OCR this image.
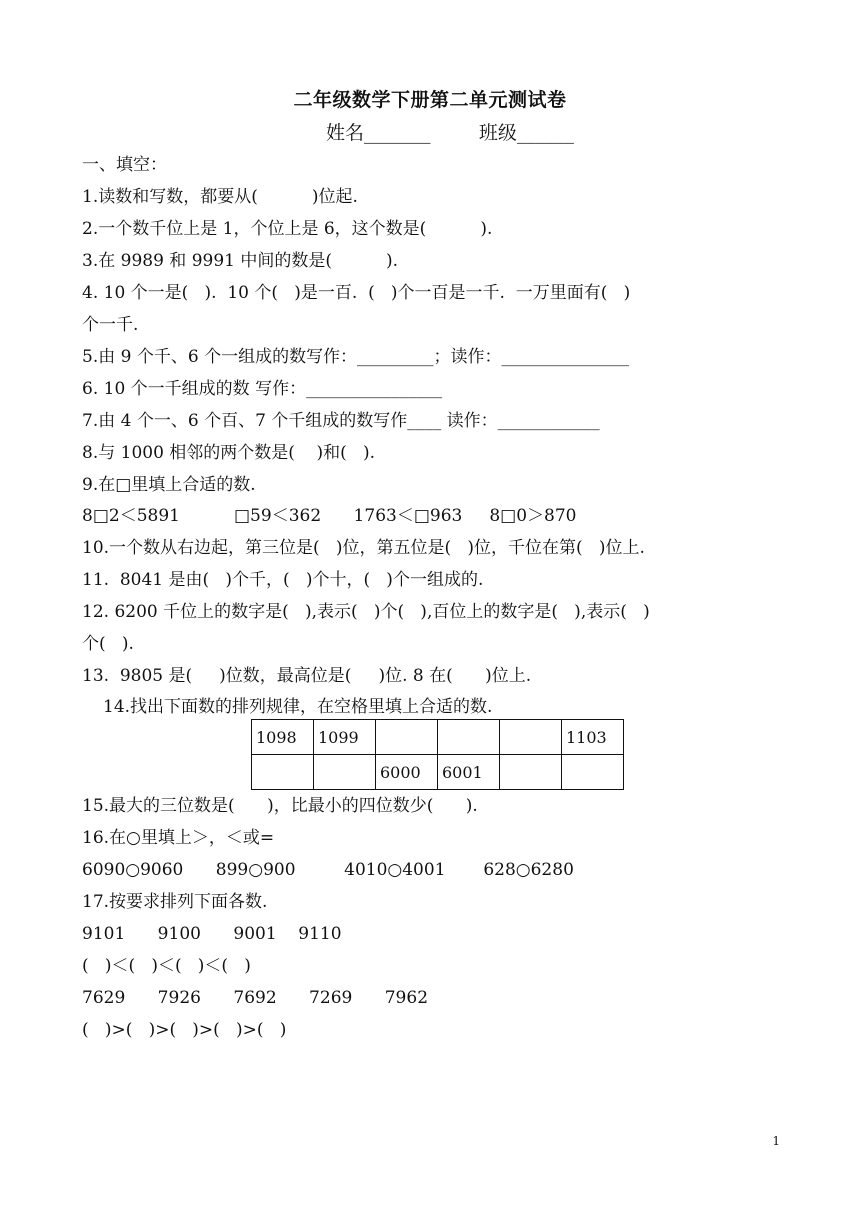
二年级数学下册第二单元测试卷
姓名_______        班级______
一、填空：
1.读数和写数，都要从(          )位起.
2.一个数千位上是 1，个位上是 6，这个数是(          ).
3.在 9989 和 9991 中间的数是(          ).
4. 10 个一是(   ).  10 个(   )是一百.  (   )个一百是一千.  一万里面有(   )
个一千.
5.由 9 个千、6 个一组成的数写作：_________；读作：_______________
6. 10 个一千组成的数 写作：________________
7.由 4 个一、6 个百、7 个千组成的数写作____ 读作：____________
8.与 1000 相邻的两个数是(    )和(   ).
9.在□里填上合适的数.
8□2＜5891          □59＜362      1763＜□963     8□0＞870
10.一个数从右边起，第三位是(   )位，第五位是(   )位，千位在第(   )位上.
11.  8041 是由(   )个千，(   )个十，(   )个一组成的.
12. 6200 千位上的数字是(   ),表示(   )个(   ),百位上的数字是(   ),表示(   )
个(   ).
13.  9805 是(     )位数，最高位是(     )位. 8 在(      )位上.
14.找出下面数的排列规律，在空格里填上合适的数.
1098	1099				1103
		6000	6001		
15.最大的三位数是(      )，比最小的四位数少(      ).
16.在○里填上＞，＜或=
6090○9060      899○900         4010○4001       628○6280
17.按要求排列下面各数.
9101      9100      9001    9110
(   )＜(   )＜(   )＜(   )
7629      7926      7692      7269      7962
(   )>(   )>(   )>(   )>(   )
1
